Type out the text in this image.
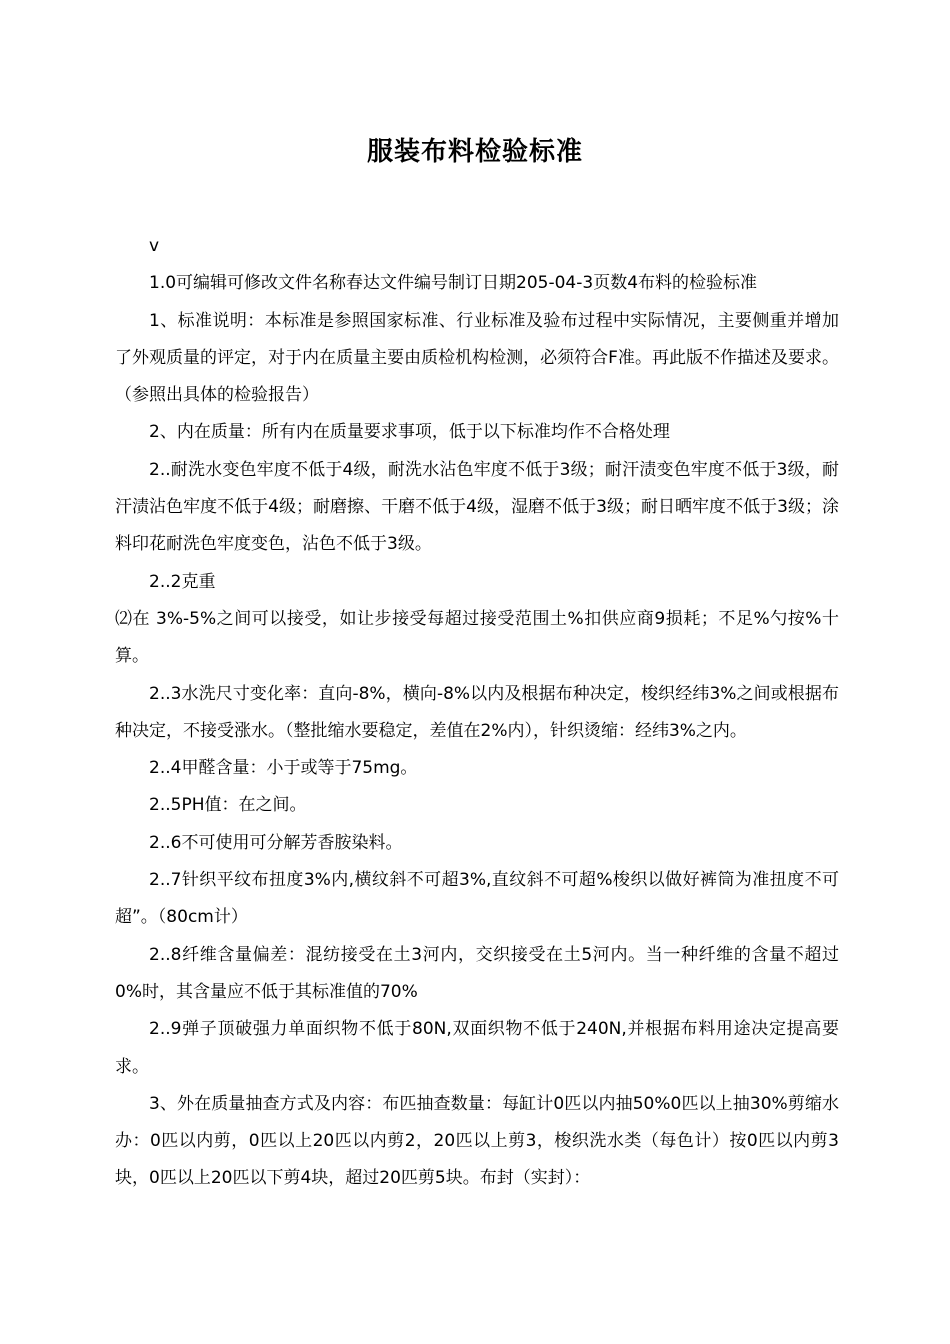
服装布料检验标准

v

1.0可编辑可修改文件名称春达文件编号制订日期205-04-3页数4布料的检验标准

1、标准说明：本标准是参照国家标准、行业标准及验布过程中实际情况，主要侧重并增加了外观质量的评定，对于内在质量主要由质检机构检测，必须符合F准。再此版不作描述及要求。（参照出具体的检验报告）

2、内在质量：所有内在质量要求事项，低于以下标准均作不合格处理

2..耐洗水变色牢度不低于4级，耐洗水沾色牢度不低于3级；耐汗渍变色牢度不低于3级，耐汗渍沾色牢度不低于4级；耐磨擦、干磨不低于4级，湿磨不低于3级；耐日晒牢度不低于3级；涂料印花耐洗色牢度变色，沾色不低于3级。

2..2克重

⑵在 3%-5%之间可以接受，如让步接受每超过接受范围土%扣供应商9损耗；不足%勺按%十算。

2..3水洗尺寸变化率：直向-8%，横向-8%以内及根据布种决定，梭织经纬3%之间或根据布种决定，不接受涨水。（整批缩水要稳定，差值在2%内），针织烫缩：经纬3%之内。

2..4甲醛含量：小于或等于75mg。

2..5PH值：在之间。

2..6不可使用可分解芳香胺染料。

2..7针织平纹布扭度3%内,横纹斜不可超3%,直纹斜不可超%梭织以做好裤筒为准扭度不可超”。（80cm计）

2..8纤维含量偏差：混纺接受在土3河内，交织接受在土5河内。当一种纤维的含量不超过0%时，其含量应不低于其标准值的70%

2..9弹子顶破强力单面织物不低于80N,双面织物不低于240N,并根据布料用途决定提高要求。

3、外在质量抽查方式及内容：布匹抽查数量：每缸计0匹以内抽50%0匹以上抽30%剪缩水办：0匹以内剪，0匹以上20匹以内剪2，20匹以上剪3，梭织洗水类（每色计）按0匹以内剪3块，0匹以上20匹以下剪4块，超过20匹剪5块。布封（实封）：
